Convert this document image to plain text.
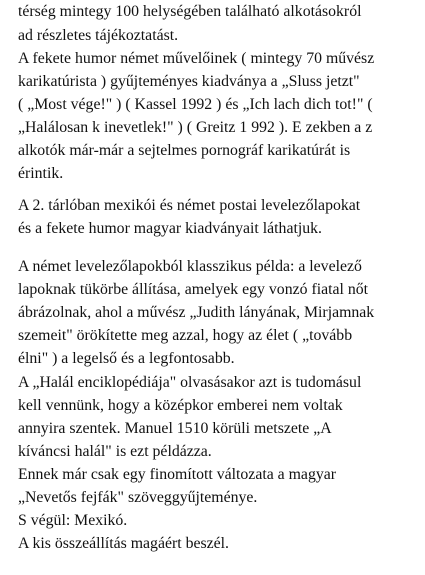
térség mintegy 100 helységében található alkotásokról
ad részletes tájékoztatást.
A fekete humor német művelőinek ( mintegy 70 művész
karikatúrista ) gyűjteményes kiadványa a „Sluss jetzt"
( „Most vége!" ) ( Kassel 1992 ) és „Ich lach dich tot!" (
„Halálosan k inevetlek!" ) ( Greitz 1 992 ). E zekben a z
alkotók már-már a sejtelmes pornográf karikatúrát is
érintik.
A 2. tárlóban mexikói és német postai levelezőlapokat
és a fekete humor magyar kiadványait láthatjuk.
A német levelezőlapokból klasszikus példa: a levelező
lapoknak tükörbe állítása, amelyek egy vonzó fiatal nőt
ábrázolnak, ahol a művész „Judith lányának, Mirjamnak
szemeit" örökítette meg azzal, hogy az élet ( „tovább
élni" ) a legelső és a legfontosabb.
A „Halál enciklopédiája" olvasásakor azt is tudomásul
kell vennünk, hogy a középkor emberei nem voltak
annyira szentek. Manuel 1510 körüli metszete „A
kíváncsi halál" is ezt példázza.
Ennek már csak egy finomított változata a magyar
„Nevetős fejfák" szöveggyűjteménye.
S végül: Mexikó.
A kis összeállítás magáért beszél.
